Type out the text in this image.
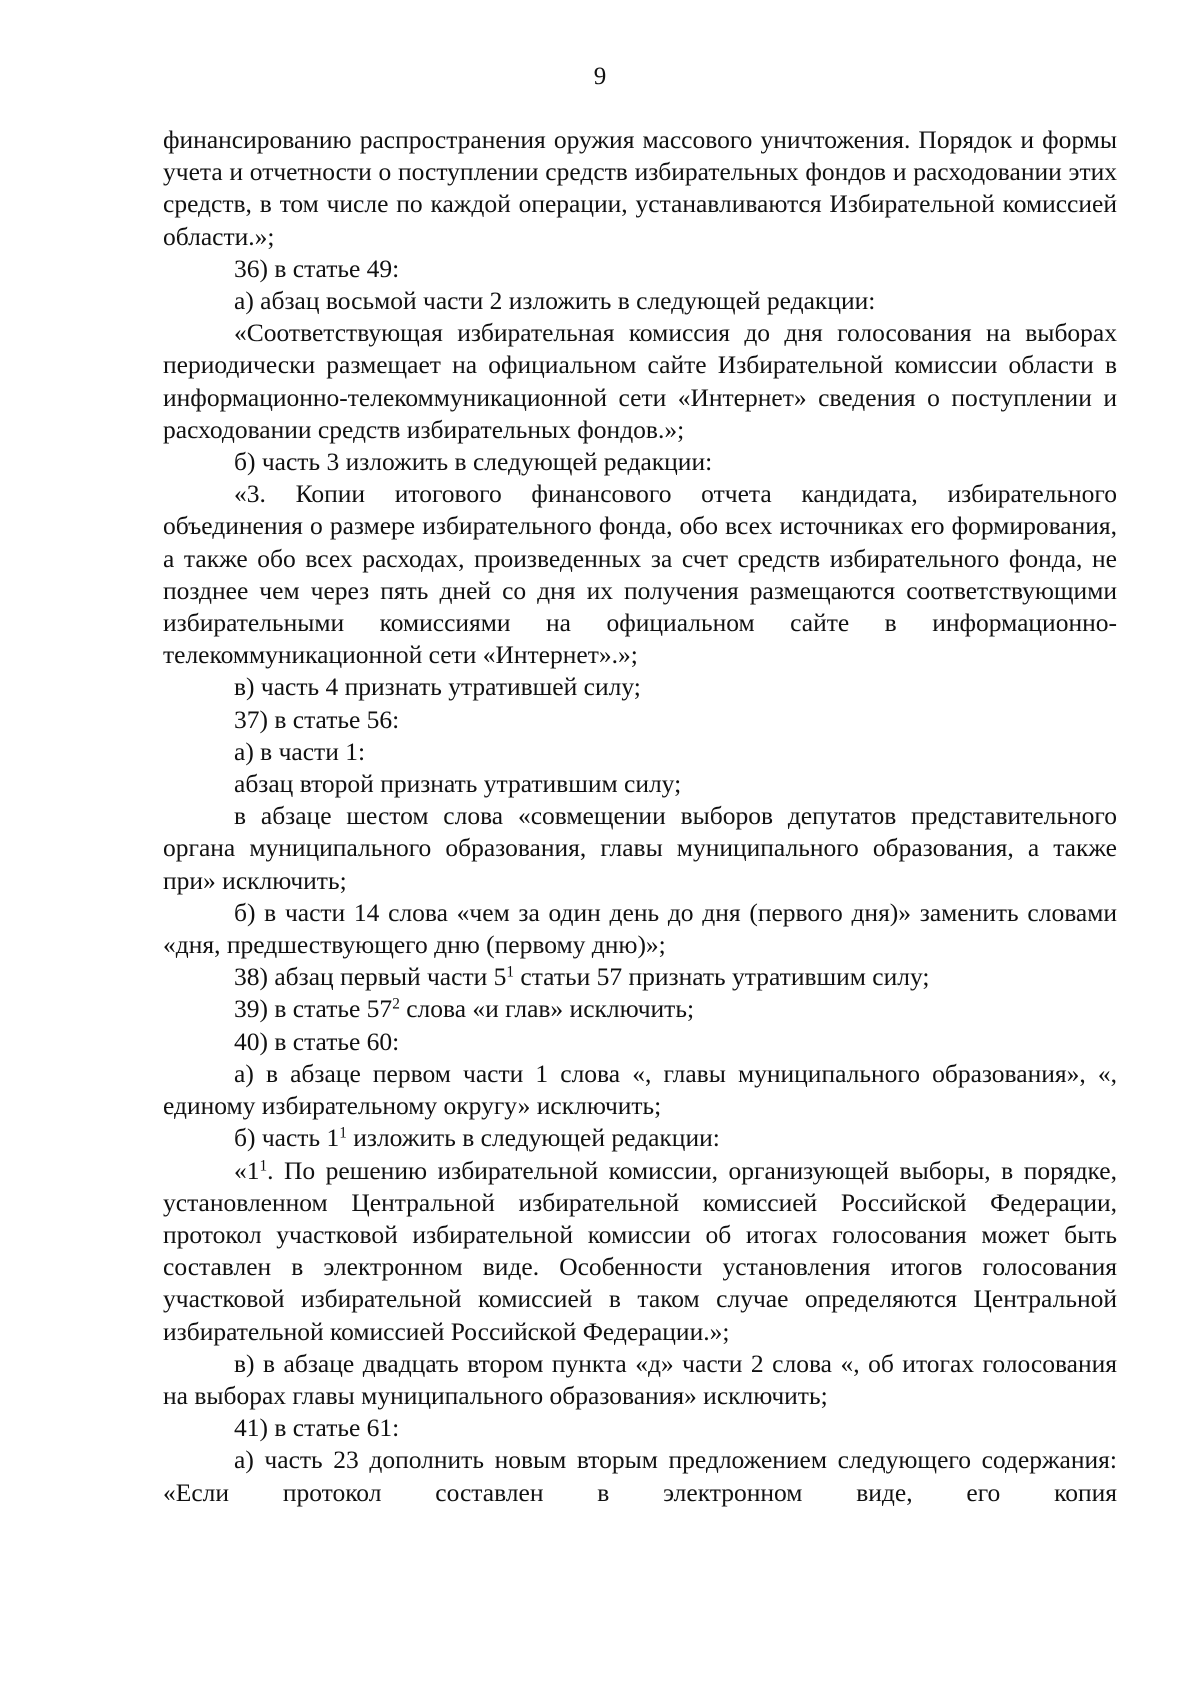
9

финансированию распространения оружия массового уничтожения. Порядок и формы учета и отчетности о поступлении средств избирательных фондов и расходовании этих средств, в том числе по каждой операции, устанавливаются Избирательной комиссией области.»;

36) в статье 49:

а) абзац восьмой части 2 изложить в следующей редакции:

«Соответствующая избирательная комиссия до дня голосования на выборах периодически размещает на официальном сайте Избирательной комиссии области в информационно-телекоммуникационной сети «Интернет» сведения о поступлении и расходовании средств избирательных фондов.»;

б) часть 3 изложить в следующей редакции:

«3. Копии итогового финансового отчета кандидата, избирательного объединения о размере избирательного фонда, обо всех источниках его формирования, а также обо всех расходах, произведенных за счет средств избирательного фонда, не позднее чем через пять дней со дня их получения размещаются соответствующими избирательными комиссиями на официальном сайте в информационно-телекоммуникационной сети «Интернет».»;

в) часть 4 признать утратившей силу;

37) в статье 56:

а) в части 1:

абзац второй признать утратившим силу;

в абзаце шестом слова «совмещении выборов депутатов представительного органа муниципального образования, главы муниципального образования, а также при» исключить;

б) в части 14 слова «чем за один день до дня (первого дня)» заменить словами «дня, предшествующего дню (первому дню)»;

38) абзац первый части $5^1$ статьи 57 признать утратившим силу;

39) в статье $57^2$ слова «и глав» исключить;

40) в статье 60:

а) в абзаце первом части 1 слова «, главы муниципального образования», «, единому избирательному округу» исключить;

б) часть $1^1$ изложить в следующей редакции:

«$1^1$. По решению избирательной комиссии, организующей выборы, в порядке, установленном Центральной избирательной комиссией Российской Федерации, протокол участковой избирательной комиссии об итогах голосования может быть составлен в электронном виде. Особенности установления итогов голосования участковой избирательной комиссией в таком случае определяются Центральной избирательной комиссией Российской Федерации.»;

в) в абзаце двадцать втором пункта «д» части 2 слова «, об итогах голосования на выборах главы муниципального образования» исключить;

41) в статье 61:

а) часть 23 дополнить новым вторым предложением следующего содержания: «Если протокол составлен в электронном виде, его копия
